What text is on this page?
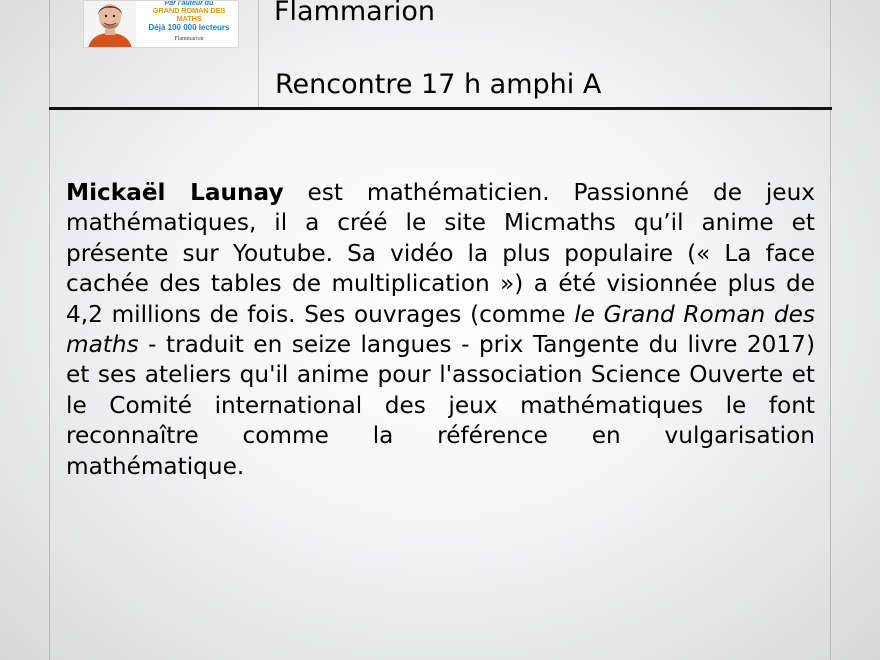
Par l'auteur du
GRAND ROMAN DES MATHS
Déjà 100 000 lecteurs
Flammarion
Flammarion
Rencontre 17 h amphi A

Mickaël Launay est mathématicien. Passionné de jeux mathématiques, il a créé le site Micmaths qu’il anime et présente sur Youtube. Sa vidéo la plus populaire (« La face cachée des tables de multiplication ») a été visionnée plus de 4,2 millions de fois. Ses ouvrages (comme le Grand Roman des maths - traduit en seize langues - prix Tangente du livre 2017) et ses ateliers qu'il anime pour l'association Science Ouverte et le Comité international des jeux mathématiques le font reconnaître comme la référence en vulgarisation mathématique.
